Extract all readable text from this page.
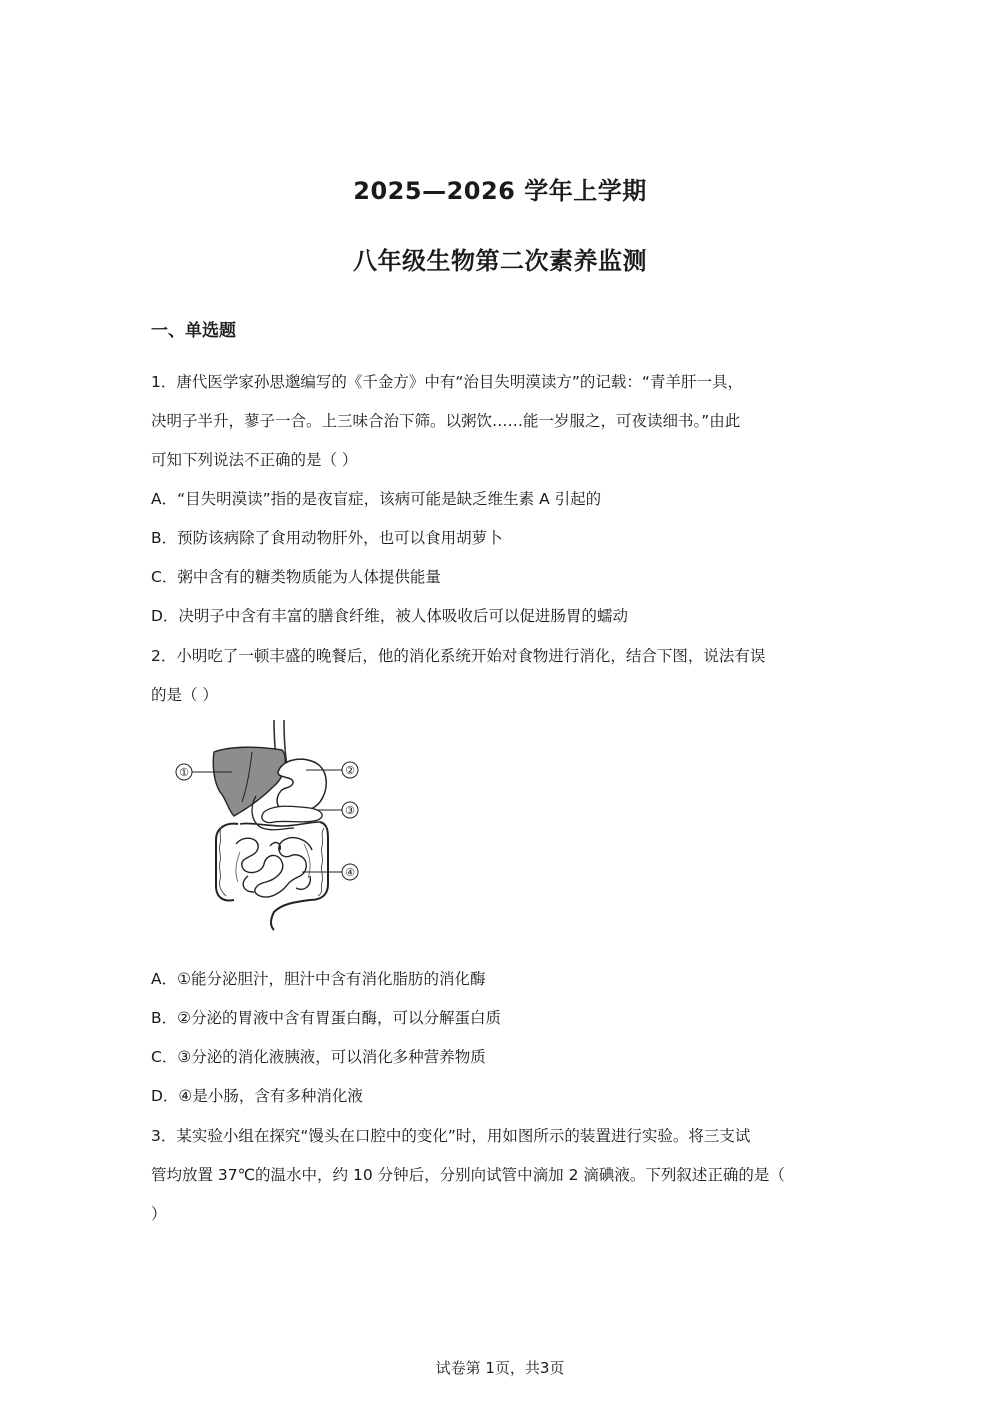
2025—2026 学年上学期
八年级生物第二次素养监测
一、单选题
1．唐代医学家孙思邈编写的《千金方》中有“治目失明漠读方”的记载：“青羊肝一具，
决明子半升，蓼子一合。上三味合治下筛。以粥饮……能一岁服之，可夜读细书。”由此
可知下列说法不正确的是（ ）
A．“目失明漠读”指的是夜盲症，该病可能是缺乏维生素 A 引起的
B．预防该病除了食用动物肝外，也可以食用胡萝卜
C．粥中含有的糖类物质能为人体提供能量
D．决明子中含有丰富的膳食纤维，被人体吸收后可以促进肠胃的蠕动
2．小明吃了一顿丰盛的晚餐后，他的消化系统开始对食物进行消化，结合下图，说法有误
的是（ ）
①	②
③
④
A．①能分泌胆汁，胆汁中含有消化脂肪的消化酶
B．②分泌的胃液中含有胃蛋白酶，可以分解蛋白质
C．③分泌的消化液胰液，可以消化多种营养物质
D．④是小肠，含有多种消化液
3．某实验小组在探究“馒头在口腔中的变化”时，用如图所示的装置进行实验。将三支试
管均放置 37℃的温水中，约 10 分钟后，分别向试管中滴加 2 滴碘液。下列叙述正确的是（
）
试卷第 1页，共3页
